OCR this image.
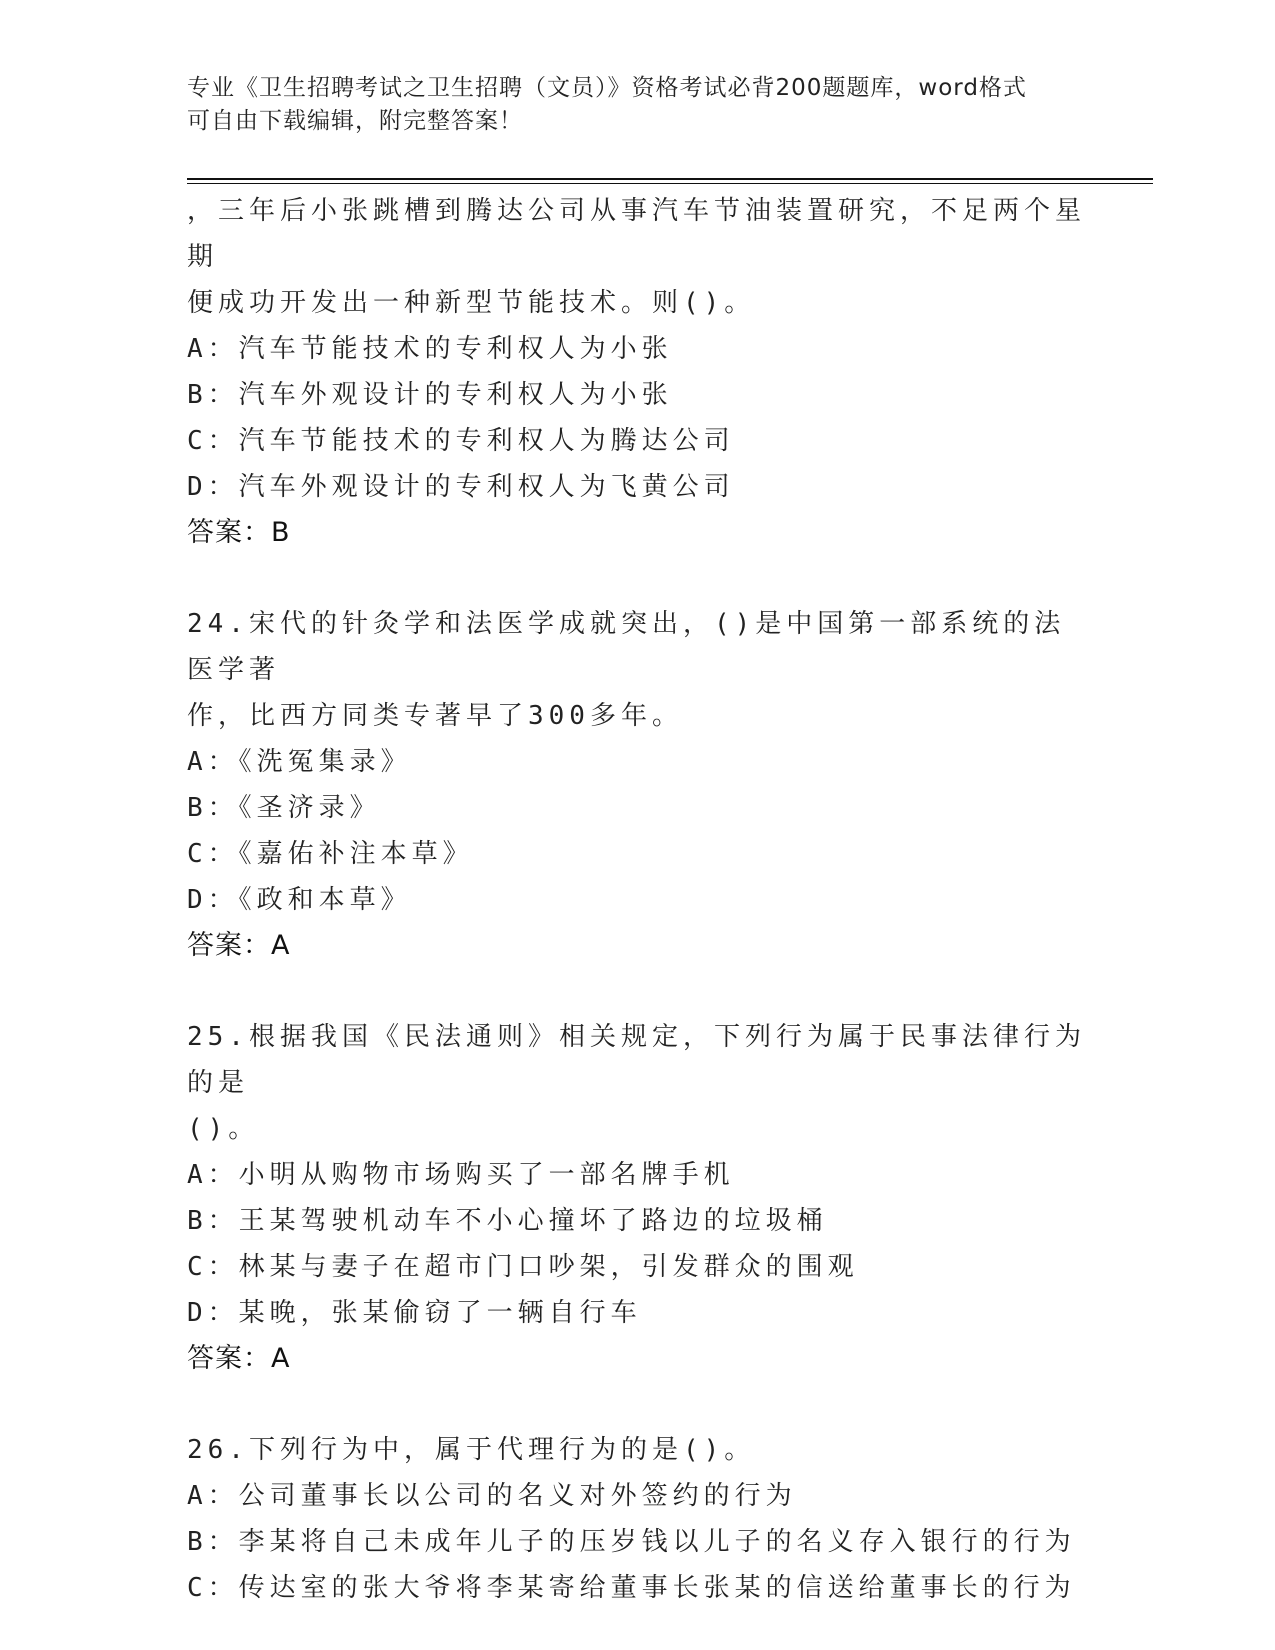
专业《卫生招聘考试之卫生招聘（文员）》资格考试必背200题题库，word格式
可自由下载编辑，附完整答案！

，三年后小张跳槽到腾达公司从事汽车节油装置研究，不足两个星期

便成功开发出一种新型节能技术。则()。

A：汽车节能技术的专利权人为小张

B：汽车外观设计的专利权人为小张

C：汽车节能技术的专利权人为腾达公司

D：汽车外观设计的专利权人为飞黄公司

答案：B

24.宋代的针灸学和法医学成就突出，()是中国第一部系统的法医学著

作，比西方同类专著早了300多年。

A：《洗冤集录》

B：《圣济录》

C：《嘉佑补注本草》

D：《政和本草》

答案：A

25.根据我国《民法通则》相关规定，下列行为属于民事法律行为的是

()。

A：小明从购物市场购买了一部名牌手机

B：王某驾驶机动车不小心撞坏了路边的垃圾桶

C：林某与妻子在超市门口吵架，引发群众的围观

D：某晚，张某偷窃了一辆自行车

答案：A

26.下列行为中，属于代理行为的是()。

A：公司董事长以公司的名义对外签约的行为

B：李某将自己未成年儿子的压岁钱以儿子的名义存入银行的行为

C：传达室的张大爷将李某寄给董事长张某的信送给董事长的行为
